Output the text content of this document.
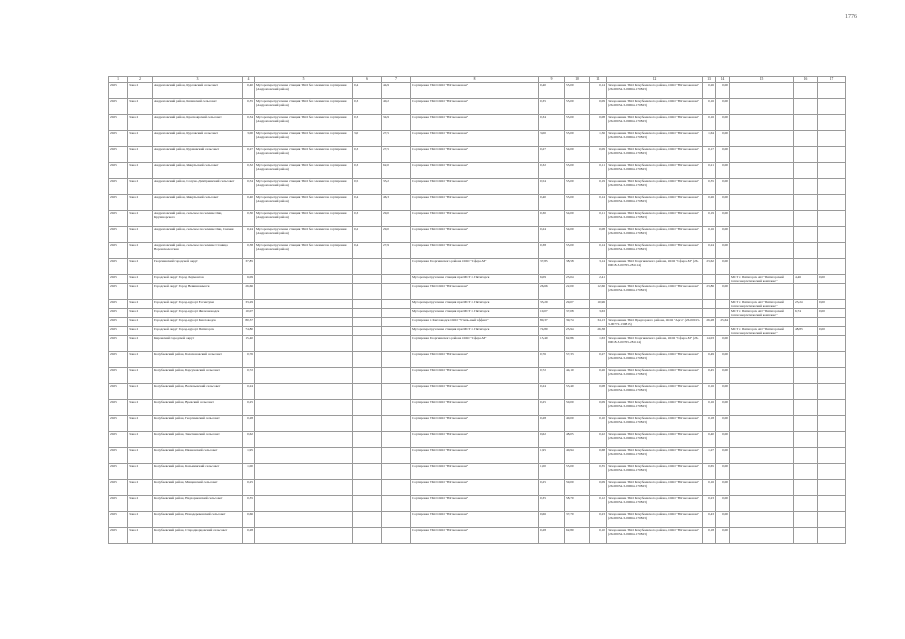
1776
1	2	3	4	5	6	7	8	9	10	11	12	13	14	15	16	17
2025	Зона 2	Андроповский район, Курсавский сельсовет	0,40	Мусороперегрузочная станция ТКО без элементов сортировки (Андроповский район)	0,4	44,9	Сортировка ТКО ООО "Югэкоэконом"	0,40	55,00	0,14	Захоронение ТКО Кочубеевского района, ООО "Югэкоэконом" (26-00034-З-00664-170823)	0,26	0,00			
2025	Зона 2	Андроповский район, Казинский сельсовет	0,35	Мусороперегрузочная станция ТКО без элементов сортировки (Андроповский район)	0,3	40,2	Сортировка ТКО ООО "Югэкоэконом"	0,35	55,00	0,09	Захоронение ТКО Кочубеевского района, ООО "Югэкоэконом" (26-00034-З-00664-170823)	0,16	0,00			
2025	Зона 2	Андроповский район, Красноярский сельсовет	0,34	Мусороперегрузочная станция ТКО без элементов сортировки (Андроповский район)	0,3	34,9	Сортировка ТКО ООО "Югэкоэконом"	0,34	55,00	0,08	Захоронение ТКО Кочубеевского района, ООО "Югэкоэконом" (26-00034-З-00664-170823)	0,16	0,00			
2025	Зона 2	Андроповский район, Курсавский сельсовет	3,00	Мусороперегрузочная станция ТКО без элементов сортировки (Андроповский район)	3,0	27,5	Сортировка ТКО ООО "Югэкоэконом"	3,00	55,00	1,36	Захоронение ТКО Кочубеевского района, ООО "Югэкоэконом" (26-00034-З-00664-170823)	1,64	0,00			
2025	Зона 2	Андроповский район, Куршавский сельсовет	0,27	Мусороперегрузочная станция ТКО без элементов сортировки (Андроповский район)	0,3	27,5	Сортировка ТКО ООО "Югэкоэконом"	0,27	54,00	0,09	Захоронение ТКО Кочубеевского района, ООО "Югэкоэконом" (26-00034-З-00664-170823)	0,17	0,00			
2025	Зона 2	Андроповский район, Янкульский сельсовет	0,32	Мусороперегрузочная станция ТКО без элементов сортировки (Андроповский район)	0,3	62,0	Сортировка ТКО ООО "Югэкоэконом"	0,32	55,00	0,11	Захоронение ТКО Кочубеевского района, ООО "Югэкоэконом" (26-00034-З-00664-170823)	0,21	0,00			
2025	Зона 2	Андроповский район, Солуно-Дмитриевский сельсовет	0,54	Мусороперегрузочная станция ТКО без элементов сортировки (Андроповский район)	0,5	33,2	Сортировка ТКО ООО "Югэкоэконом"	0,54	55,00	0,19	Захоронение ТКО Кочубеевского района, ООО "Югэкоэконом" (26-00034-З-00664-170823)	0,35	0,00			
2025	Зона 2	Андроповский район, Янкульский сельсовет	0,40	Мусороперегрузочная станция ТКО без элементов сортировки (Андроповский район)	0,4	46,3	Сортировка ТКО ООО "Югэкоэконом"	0,40	55,00	0,14	Захоронение ТКО Кочубеевского района, ООО "Югэкоэконом" (26-00034-З-00664-170823)	0,26	0,00			
2025	Зона 2	Андроповский район, сельское поселение Овц. Крушнорского	0,30	Мусороперегрузочная станция ТКО без элементов сортировки (Андроповский район)	0,3	29,0	Сортировка ТКО ООО "Югэкоэконом"	0,30	54,00	0,11	Захоронение ТКО Кочубеевского района, ООО "Югэкоэконом" (26-00034-З-00664-170823)	0,19	0,00			
2025	Зона 2	Андроповский район, сельское поселение Овц. Скачки	0,24	Мусороперегрузочная станция ТКО без элементов сортировки (Андроповский район)	0,2	29,0	Сортировка ТКО ООО "Югэкоэконом"	0,24	54,00	0,08	Захоронение ТКО Кочубеевского района, ООО "Югэкоэконом" (26-00034-З-00664-170823)	0,16	0,00			
2025	Зона 2	Андроповский район, сельское поселение Станица Воровсколесская	0,38	Мусороперегрузочная станция ТКО без элементов сортировки (Андроповский район)	0,4	27,9	Сортировка ТКО ООО "Югэкоэконом"	0,38	55,00	0,14	Захоронение ТКО Кочубеевского района, ООО "Югэкоэконом" (26-00034-З-00664-170823)	0,24	0,00			
2025	Зона 2	Георгиевский городской округ	37,85				Сортировка Георгиевского района ООО "Сфера-М"	37,85	38,58	3,14	Захоронение ТКО Георгиевского района, ООО "Сфера-М" (26-00018-З-00765-281114)	23,62	0,00			
2025	Зона 2	Городской округ Город Лермонтов	6,09				Мусороперегрузочная станция при МСТ г. Пятигорск	6,09	23,04	2,41				МСТ г. Пятигорск АО "Пятигорский теплоэнергетический комплекс"	4,46	0,00
2025	Зона 2	Городской округ Город Невинномысск	26,66				Сортировка ТКО ООО "Югэкоэконом"	26,66	22,00	12,66	Захоронение ТКО Кочубеевского района, ООО "Югэкоэконом" (26-00034-З-00664-170823)	23,86	0,00			
2025	Зона 2	Городской округ Город-курорт Ессентуки	33,29				Мусороперегрузочная станция при МСТ г. Пятигорск	33,29	29,07	10,96				МСТ г. Пятигорск АО "Пятигорский теплоэнергетический комплекс"	23,24	0,00
2025	Зона 2	Городской округ Город-курорт Железноводск	10,07				Мусороперегрузочная станция при МСТ г. Пятигорск	10,07	37,08	3,63				МСТ г. Пятигорск АО "Пятигорский теплоэнергетический комплекс"	6,74	0,00
2025	Зона 2	Городской округ Город-курорт Кисловодск	80,37				Сортировка г. Кисловодск ООО "Утиль-ный эффект"	80,37	39,74	34,13	Захоронение ТКО Предгорного района, ООО "Арго" (26-00015-З-00772-130815)	26,28	25,64			
2025	Зона 2	Городской округ Город-курорт Пятигорск	74,80				Мусороперегрузочная станция при МСТ г. Пятигорск	74,80	25,94	26,38				МСТ г. Пятигорск АО "Пятигорский теплоэнергетический комплекс"	48,83	0,00
2025	Зона 2	Кировский городской округ	15,40				Сортировка Георгиевского района ООО "Сфера-М"	15,40	62,86	1,63	Захоронение ТКО Георгиевского района, ООО "Сфера-М" (26-00018-З-00765-281114)	14,03	0,00			
2025	Зона 2	Кочубеевский район, Балахоновский сельсовет	0,76				Сортировка ТКО ООО "Югэкоэконом"	0,76	57,33	0,27	Захоронение ТКО Кочубеевского района, ООО "Югэкоэконом" (26-00034-З-00664-170823)	0,49	0,00			
2025	Зона 2	Кочубеевский район, Барсуковский сельсовет	0,72				Сортировка ТКО ООО "Югэкоэконом"	0,72	44,10	0,26	Захоронение ТКО Кочубеевского района, ООО "Югэкоэконом" (26-00034-З-00664-170823)	0,45	0,00			
2025	Зона 2	Кочубеевский район, Васильевский сельсовет	0,24				Сортировка ТКО ООО "Югэкоэконом"	0,24	53,40	0,08	Захоронение ТКО Кочубеевского района, ООО "Югэкоэконом" (26-00034-З-00664-170823)	0,16	0,00			
2025	Зона 2	Кочубеевский район, Вревский сельсовет	0,25				Сортировка ТКО ООО "Югэкоэконом"	0,25	50,00	0,09	Захоронение ТКО Кочубеевского района, ООО "Югэкоэконом" (26-00034-З-00664-170823)	0,16	0,00			
2025	Зона 2	Кочубеевский район, Георгиевский сельсовет	0,28				Сортировка ТКО ООО "Югэкоэконом"	0,28	40,00	0,10	Захоронение ТКО Кочубеевского района, ООО "Югэкоэконом" (26-00034-З-00664-170823)	0,18	0,00			
2025	Зона 2	Кочубеевский район, Заветненский сельсовет	0,62				Сортировка ТКО ООО "Югэкоэконом"	0,62	48,05	0,22	Захоронение ТКО Кочубеевского района, ООО "Югэкоэконом" (26-00034-З-00664-170823)	0,40	0,00			
2025	Зона 2	Кочубеевский район, Ивановский сельсовет	1,95				Сортировка ТКО ООО "Югэкоэконом"	1,95	40,94	0,68	Захоронение ТКО Кочубеевского района, ООО "Югэкоэконом" (26-00034-З-00664-170823)	1,27	0,00			
2025	Зона 2	Кочубеевский район, Казьминский сельсовет	1,00				Сортировка ТКО ООО "Югэкоэконом"	1,00	55,00	0,35	Захоронение ТКО Кочубеевского района, ООО "Югэкоэконом" (26-00034-З-00664-170823)	0,65	0,00			
2025	Зона 2	Кочубеевский район, Мищенский сельсовет	0,25				Сортировка ТКО ООО "Югэкоэконом"	0,25	59,00	0,09	Захоронение ТКО Кочубеевского района, ООО "Югэкоэконом" (26-00034-З-00664-170823)	0,16	0,00			
2025	Зона 2	Кочубеевский район, Надзорненский сельсовет	0,35				Сортировка ТКО ООО "Югэкоэконом"	0,35	58,70	0,12	Захоронение ТКО Кочубеевского района, ООО "Югэкоэконом" (26-00034-З-00664-170823)	0,23	0,00			
2025	Зона 2	Кочубеевский район, Новодеревенский сельсовет	0,66				Сортировка ТКО ООО "Югэкоэконом"	0,66	37,70	0,23	Захоронение ТКО Кочубеевского района, ООО "Югэкоэконом" (26-00034-З-00664-170823)	0,43	0,00			
2025	Зона 2	Кочубеевский район, Стародворцовский сельсовет	0,28				Сортировка ТКО ООО "Югэкоэконом"	0,28	62,80	0,10	Захоронение ТКО Кочубеевского района, ООО "Югэкоэконом" (26-00034-З-00664-170823)	0,18	0,00			
